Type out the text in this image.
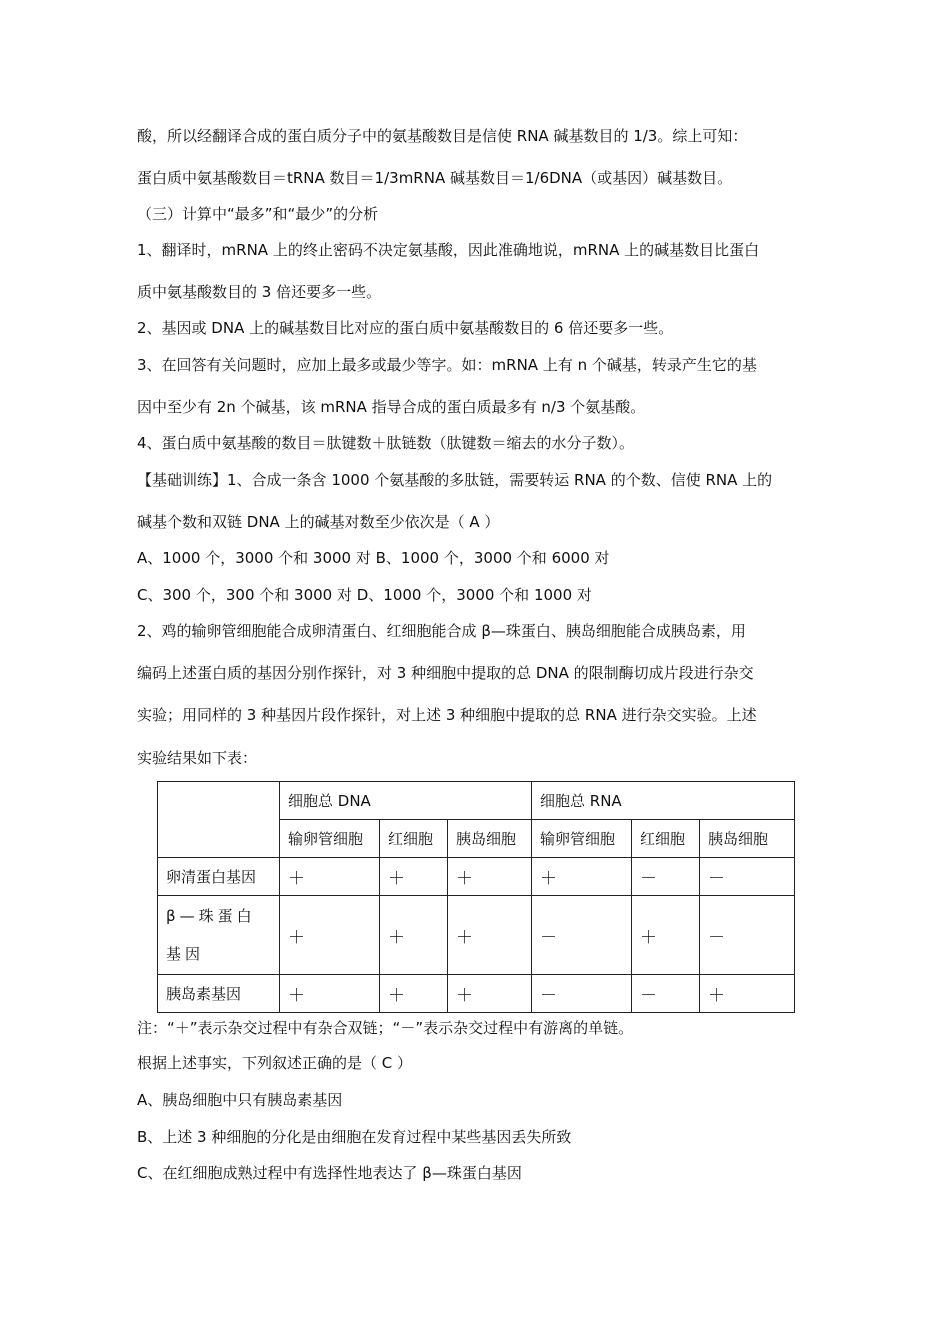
酸，所以经翻译合成的蛋白质分子中的氨基酸数目是信使 RNA 碱基数目的 1/3。综上可知：
蛋白质中氨基酸数目＝tRNA 数目＝1/3mRNA 碱基数目＝1/6DNA（或基因）碱基数目。
（三）计算中“最多”和“最少”的分析
1、翻译时，mRNA 上的终止密码不决定氨基酸，因此准确地说，mRNA 上的碱基数目比蛋白
质中氨基酸数目的 3 倍还要多一些。
2、基因或 DNA 上的碱基数目比对应的蛋白质中氨基酸数目的 6 倍还要多一些。
3、在回答有关问题时，应加上最多或最少等字。如：mRNA 上有 n 个碱基，转录产生它的基
因中至少有 2n 个碱基，该 mRNA 指导合成的蛋白质最多有 n/3 个氨基酸。
4、蛋白质中氨基酸的数目＝肽键数＋肽链数（肽键数＝缩去的水分子数）。
【基础训练】1、合成一条含 1000 个氨基酸的多肽链，需要转运 RNA 的个数、信使 RNA 上的
碱基个数和双链 DNA 上的碱基对数至少依次是（ A ）
A、1000 个，3000 个和 3000 对 B、1000 个，3000 个和 6000 对
C、300 个，300 个和 3000 对 D、1000 个，3000 个和 1000 对
2、鸡的输卵管细胞能合成卵清蛋白、红细胞能合成 β—珠蛋白、胰岛细胞能合成胰岛素，用
编码上述蛋白质的基因分别作探针，对 3 种细胞中提取的总 DNA 的限制酶切成片段进行杂交
实验；用同样的 3 种基因片段作探针，对上述 3 种细胞中提取的总 RNA 进行杂交实验。上述
实验结果如下表：
	细胞总 DNA			细胞总 RNA		
	输卵管细胞	红细胞	胰岛细胞	输卵管细胞	红细胞	胰岛细胞
卵清蛋白基因	＋	＋	＋	＋	－	－
β—珠蛋白基因	＋	＋	＋	－	＋	－
胰岛素基因	＋	＋	＋	－	－	＋
注：“＋”表示杂交过程中有杂合双链；“－”表示杂交过程中有游离的单链。
根据上述事实，下列叙述正确的是（ C ）
A、胰岛细胞中只有胰岛素基因
B、上述 3 种细胞的分化是由细胞在发育过程中某些基因丢失所致
C、在红细胞成熟过程中有选择性地表达了 β—珠蛋白基因
